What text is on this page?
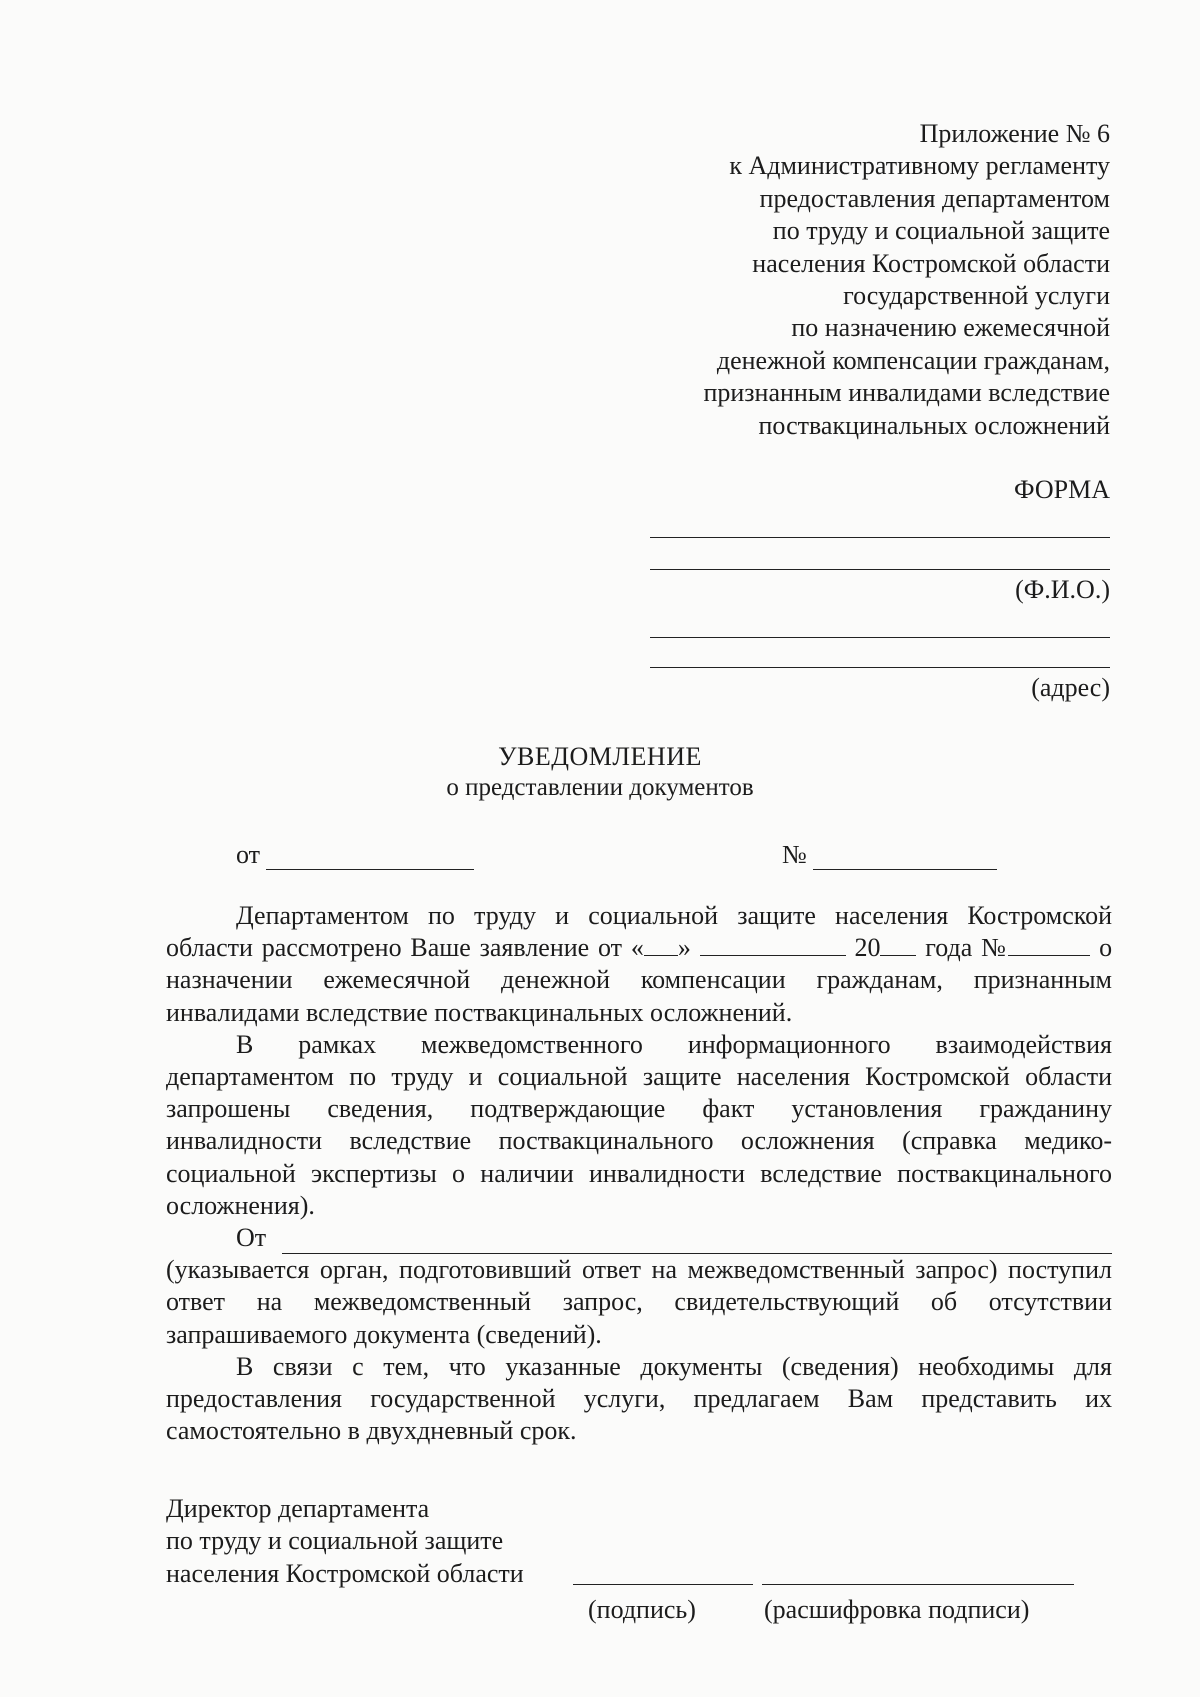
Приложение № 6
к Административному регламенту
предоставления департаментом
по труду и социальной защите
населения Костромской области
государственной услуги
по назначению ежемесячной
денежной компенсации гражданам,
признанным инвалидами вследствие
поствакцинальных осложнений
ФОРМА
(Ф.И.О.)
(адрес)
УВЕДОМЛЕНИЕ
о представлении документов
от	№

Департаментом по труду и социальной защите населения Костромской области рассмотрено Ваше заявление от « »	20 года №	о назначении ежемесячной денежной компенсации гражданам, признанным инвалидами вследствие поствакцинальных осложнений.

В рамках межведомственного информационного взаимодействия департаментом по труду и социальной защите населения Костромской области запрошены сведения, подтверждающие факт установления гражданину инвалидности вследствие поствакцинального осложнения (справка медико-социальной экспертизы о наличии инвалидности вследствие поствакцинального осложнения).

От
(указывается орган, подготовивший ответ на межведомственный запрос) поступил ответ на межведомственный запрос, свидетельствующий об отсутствии запрашиваемого документа (сведений).

В связи с тем, что указанные документы (сведения) необходимы для предоставления государственной услуги, предлагаем Вам представить их самостоятельно в двухдневный срок.

Директор департамента
по труду и социальной защите
населения Костромской области
(подпись)	(расшифровка подписи)
